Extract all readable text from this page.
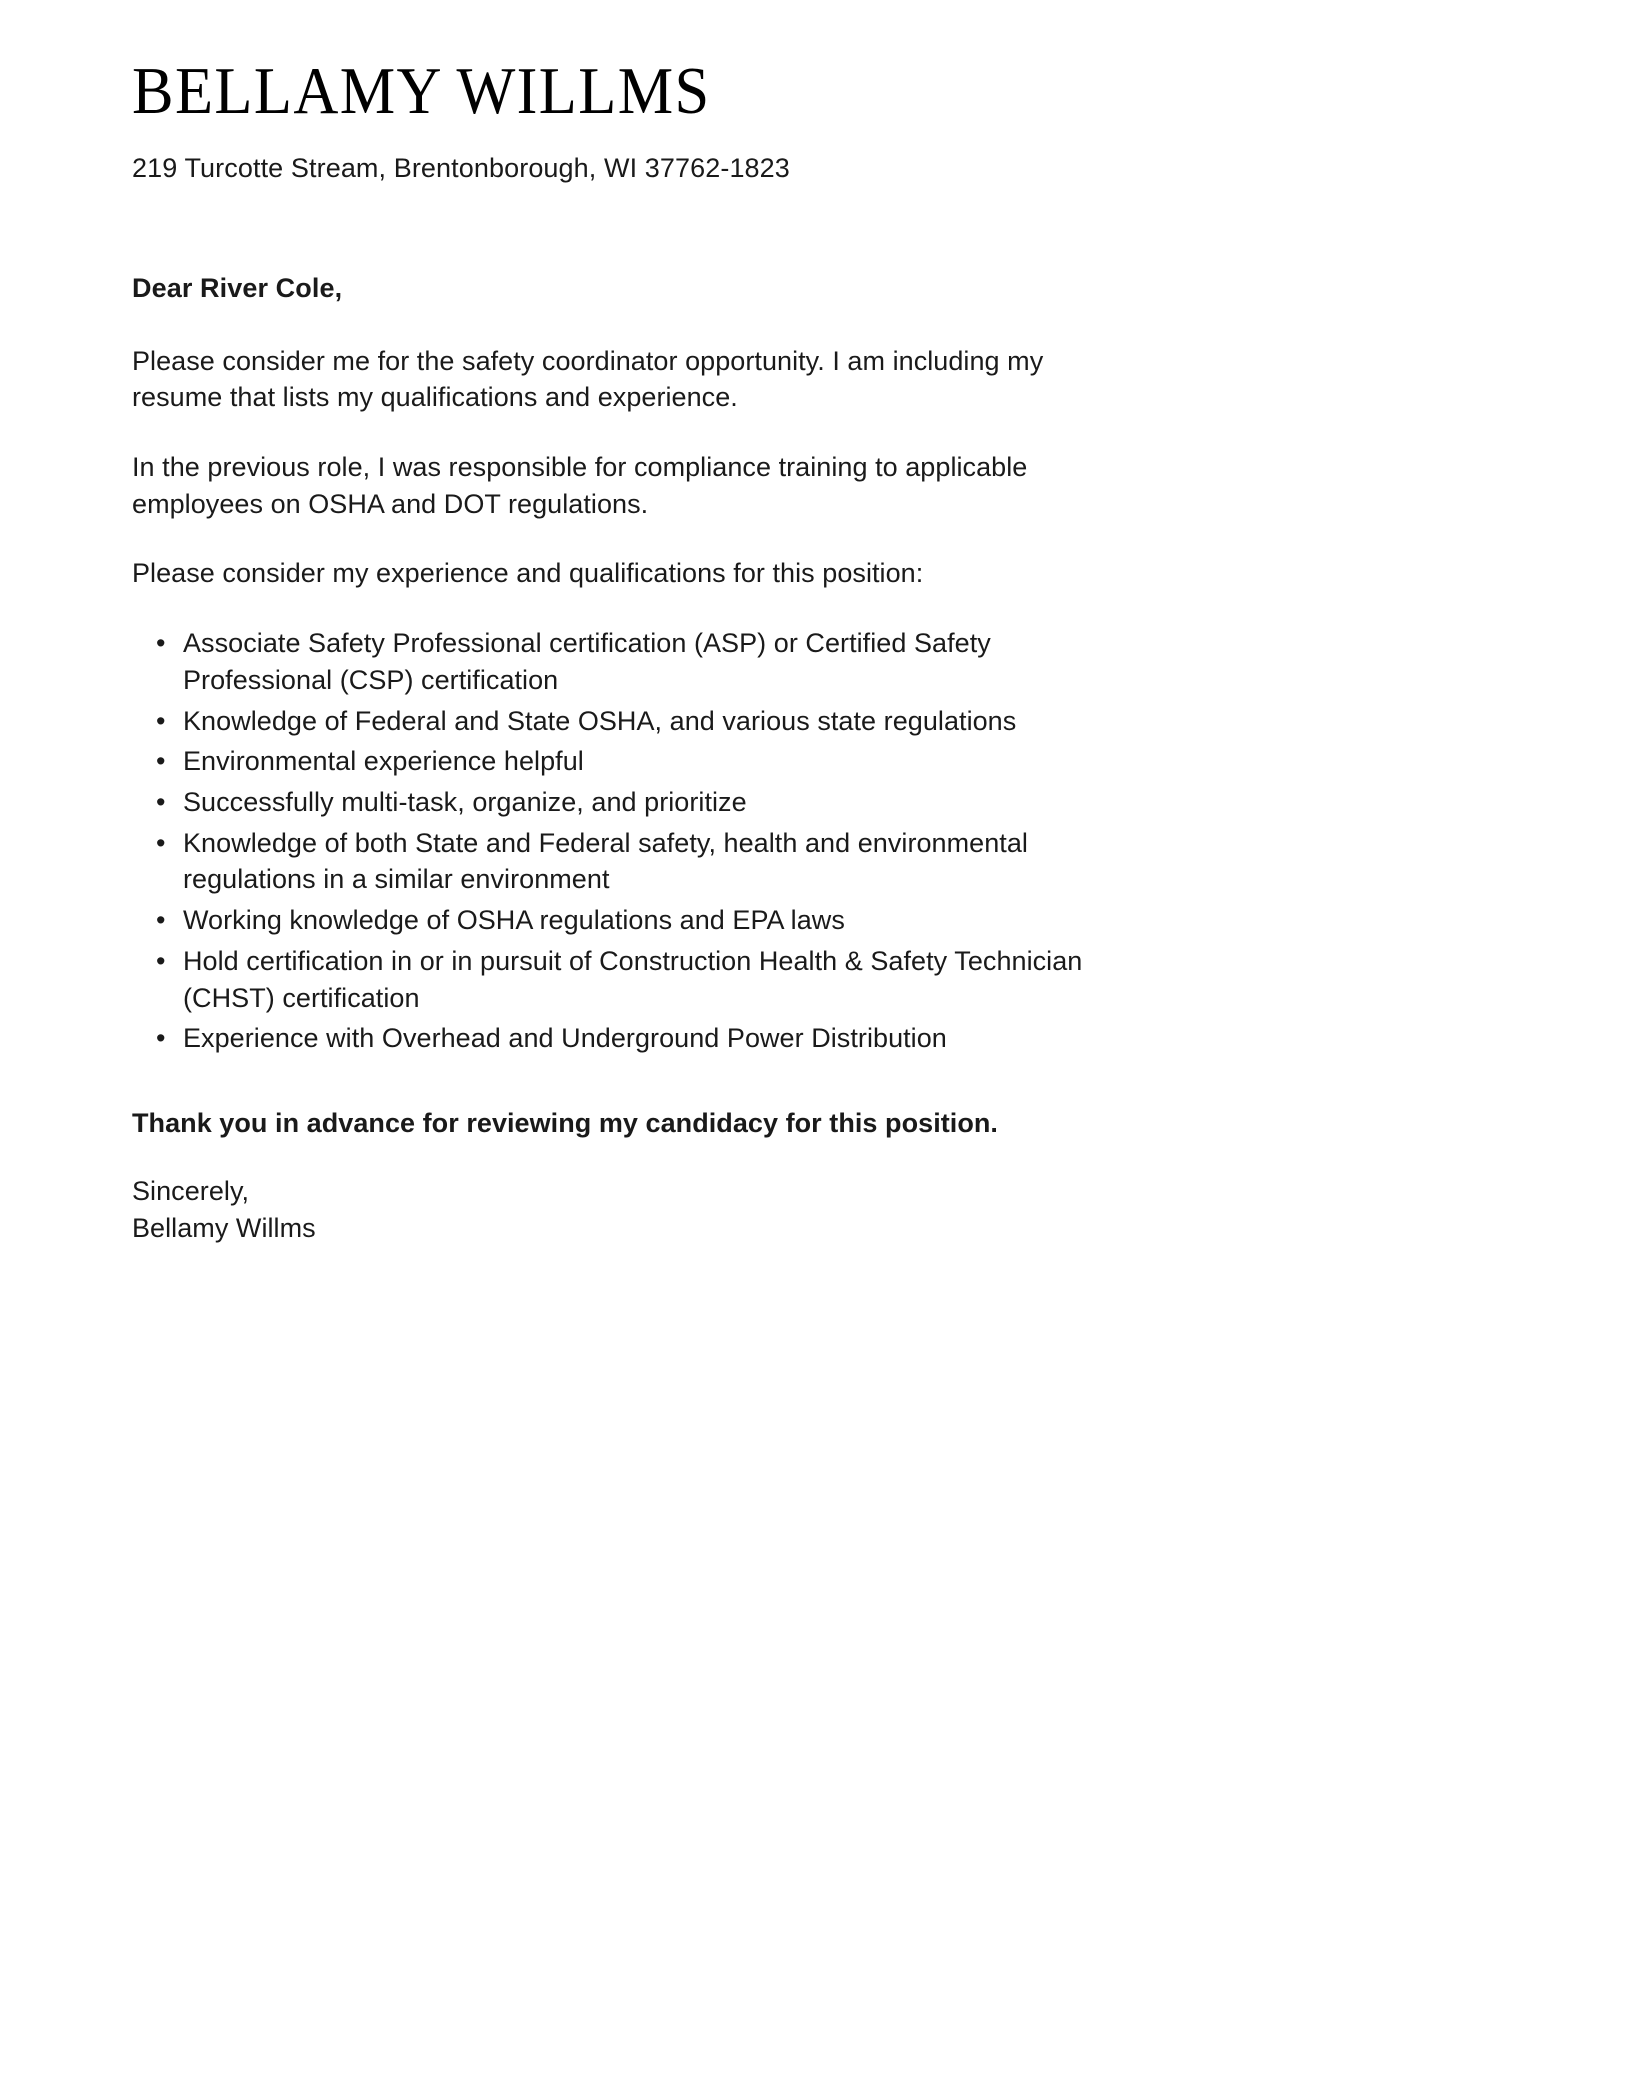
BELLAMY WILLMS

219 Turcotte Stream, Brentonborough, WI 37762-1823

Dear River Cole,

Please consider me for the safety coordinator opportunity. I am including my resume that lists my qualifications and experience.

In the previous role, I was responsible for compliance training to applicable employees on OSHA and DOT regulations.

Please consider my experience and qualifications for this position:

• Associate Safety Professional certification (ASP) or Certified Safety Professional (CSP) certification
• Knowledge of Federal and State OSHA, and various state regulations
• Environmental experience helpful
• Successfully multi-task, organize, and prioritize
• Knowledge of both State and Federal safety, health and environmental regulations in a similar environment
• Working knowledge of OSHA regulations and EPA laws
• Hold certification in or in pursuit of Construction Health & Safety Technician (CHST) certification
• Experience with Overhead and Underground Power Distribution

Thank you in advance for reviewing my candidacy for this position.

Sincerely,
Bellamy Willms
